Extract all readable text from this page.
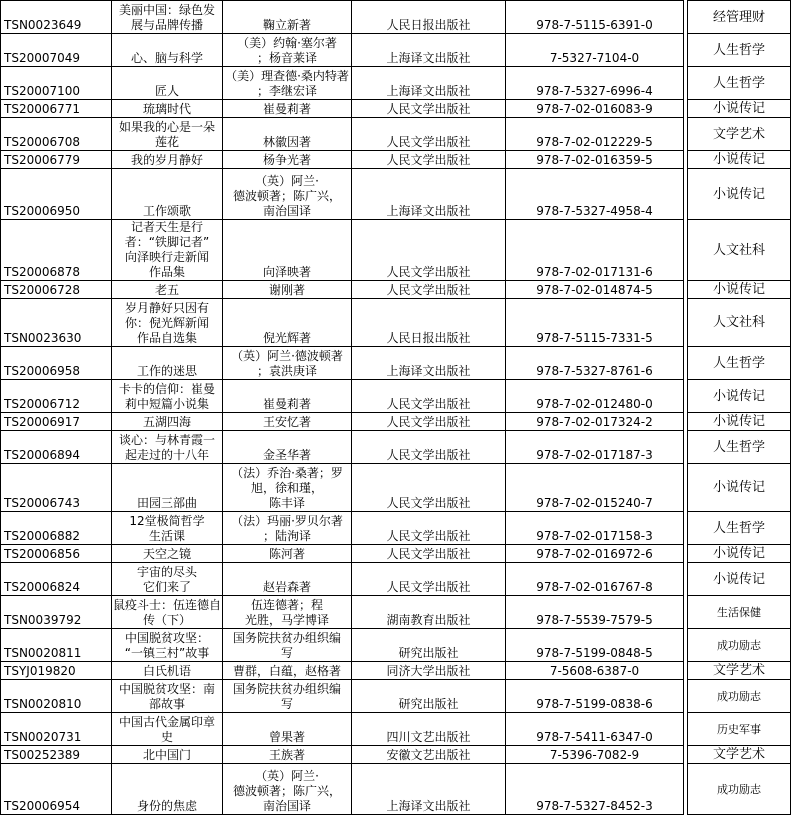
TSN0023649	美丽中国：绿色发
展与品牌传播	鞠立新著	人民日报出版社	978-7-5115-6391-0		经管理财
TS20007049	心、脑与科学	（美）约翰·塞尔著
；杨音莱译	上海译文出版社	7-5327-7104-0		人生哲学
TS20007100	匠人	（美）理查德·桑内特著
；李继宏译	上海译文出版社	978-7-5327-6996-4		人生哲学
TS20006771	琉璃时代	崔曼莉著	人民文学出版社	978-7-02-016083-9		小说传记
TS20006708	如果我的心是一朵
莲花	林徽因著	人民文学出版社	978-7-02-012229-5		文学艺术
TS20006779	我的岁月静好	杨争光著	人民文学出版社	978-7-02-016359-5		小说传记
TS20006950	工作颂歌	（英）阿兰·
德波顿著；陈广兴，
南治国译	上海译文出版社	978-7-5327-4958-4		小说传记
TS20006878	记者天生是行
者：“铁脚记者”
向泽映行走新闻
作品集	向泽映著	人民文学出版社	978-7-02-017131-6		人文社科
TS20006728	老五	谢刚著	人民文学出版社	978-7-02-014874-5		小说传记
TSN0023630	岁月静好只因有
你：倪光辉新闻
作品自选集	倪光辉著	人民日报出版社	978-7-5115-7331-5		人文社科
TS20006958	工作的迷思	（英）阿兰·德波顿著
；袁洪庚译	上海译文出版社	978-7-5327-8761-6		人生哲学
TS20006712	卡卡的信仰：崔曼
莉中短篇小说集	崔曼莉著	人民文学出版社	978-7-02-012480-0		小说传记
TS20006917	五湖四海	王安忆著	人民文学出版社	978-7-02-017324-2		小说传记
TS20006894	谈心：与林青霞一
起走过的十八年	金圣华著	人民文学出版社	978-7-02-017187-3		人生哲学
TS20006743	田园三部曲	（法）乔治·桑著；罗
旭，徐和瑾，
陈丰译	人民文学出版社	978-7-02-015240-7		小说传记
TS20006882	12堂极简哲学
生活课	（法）玛丽·罗贝尔著
；陆洵译	人民文学出版社	978-7-02-017158-3		人生哲学
TS20006856	天空之镜	陈河著	人民文学出版社	978-7-02-016972-6		小说传记
TS20006824	宇宙的尽头
它们来了	赵岩森著	人民文学出版社	978-7-02-016767-8		小说传记
TSN0039792	鼠疫斗士：伍连德自
传（下）	伍连德著；程
光胜，马学博译	湖南教育出版社	978-7-5539-7579-5		生活保健
TSN0020811	中国脱贫攻坚：
“一镇三村”故事	国务院扶贫办组织编
写	研究出版社	978-7-5199-0848-5		成功励志
TSYJ019820	白氏机语	曹群，白蕴，赵格著	同济大学出版社	7-5608-6387-0		文学艺术
TSN0020810	中国脱贫攻坚：南
部故事	国务院扶贫办组织编
写	研究出版社	978-7-5199-0838-6		成功励志
TSN0020731	中国古代金属印章
史	曾果著	四川文艺出版社	978-7-5411-6347-0		历史军事
TS00252389	北中国门	王族著	安徽文艺出版社	7-5396-7082-9		文学艺术
TS20006954	身份的焦虑	（英）阿兰·
德波顿著；陈广兴，
南治国译	上海译文出版社	978-7-5327-8452-3		成功励志
